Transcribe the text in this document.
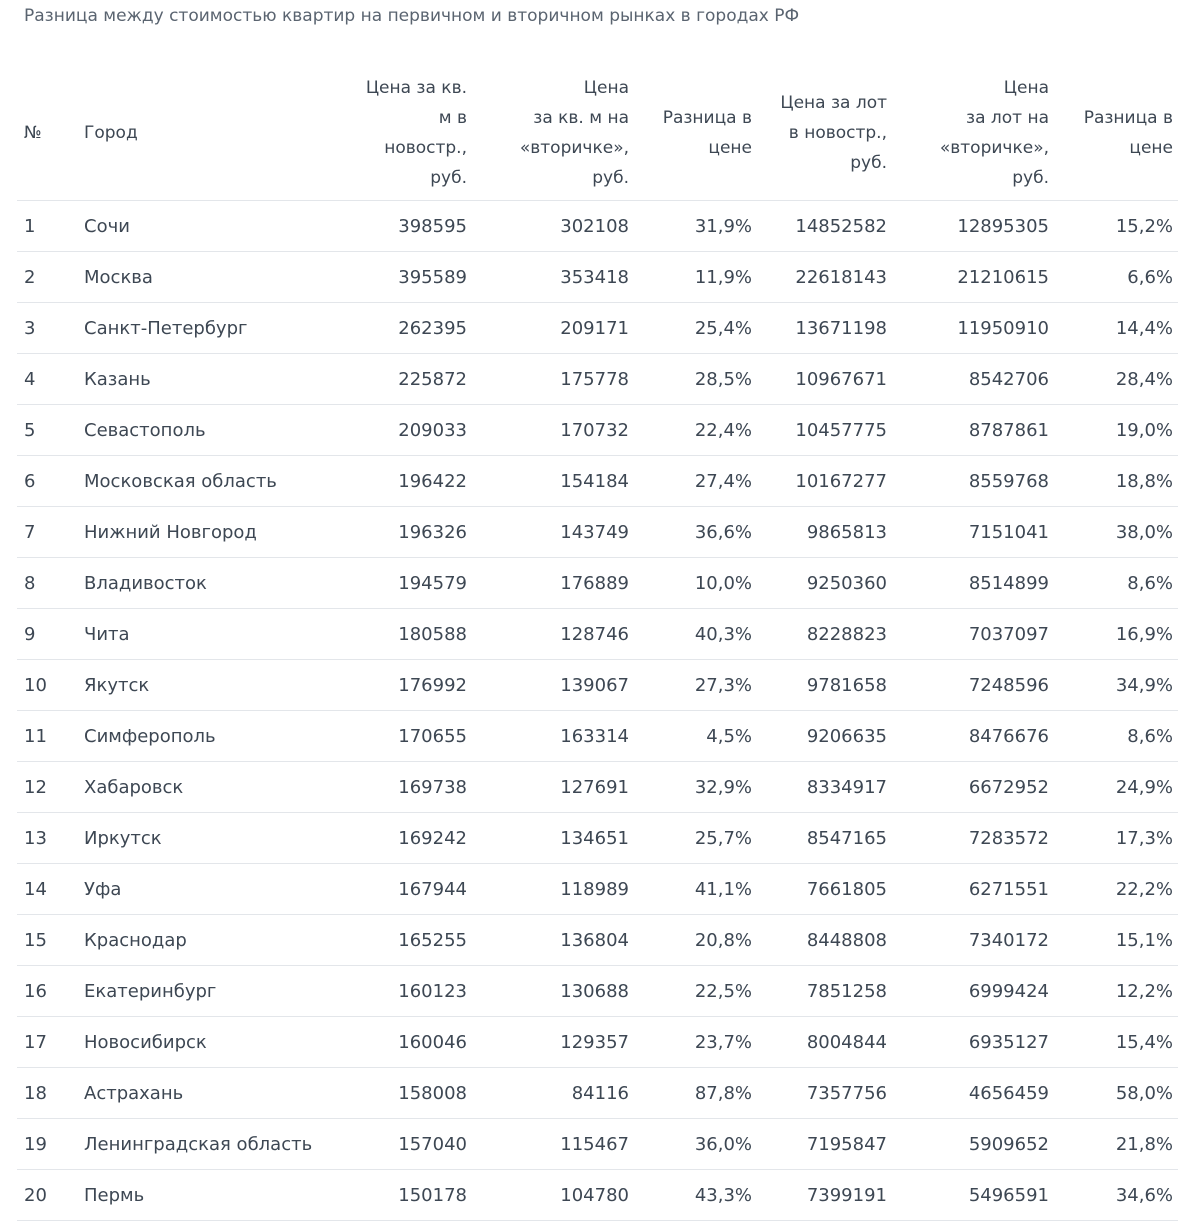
Разница между стоимостью квартир на первичном и вторичном рынках в городах РФ
№	Город	Цена за кв.
м в
новостр.,
руб.	Цена
за кв. м на
«вторичке»,
руб.	Разница в
цене	Цена за лот
в новостр.,
руб.	Цена
за лот на
«вторичке»,
руб.	Разница в
цене
1	Сочи	398595	302108	31,9%	14852582	12895305	15,2%
2	Москва	395589	353418	11,9%	22618143	21210615	6,6%
3	Санкт-Петербург	262395	209171	25,4%	13671198	11950910	14,4%
4	Казань	225872	175778	28,5%	10967671	8542706	28,4%
5	Севастополь	209033	170732	22,4%	10457775	8787861	19,0%
6	Московская область	196422	154184	27,4%	10167277	8559768	18,8%
7	Нижний Новгород	196326	143749	36,6%	9865813	7151041	38,0%
8	Владивосток	194579	176889	10,0%	9250360	8514899	8,6%
9	Чита	180588	128746	40,3%	8228823	7037097	16,9%
10	Якутск	176992	139067	27,3%	9781658	7248596	34,9%
11	Симферополь	170655	163314	4,5%	9206635	8476676	8,6%
12	Хабаровск	169738	127691	32,9%	8334917	6672952	24,9%
13	Иркутск	169242	134651	25,7%	8547165	7283572	17,3%
14	Уфа	167944	118989	41,1%	7661805	6271551	22,2%
15	Краснодар	165255	136804	20,8%	8448808	7340172	15,1%
16	Екатеринбург	160123	130688	22,5%	7851258	6999424	12,2%
17	Новосибирск	160046	129357	23,7%	8004844	6935127	15,4%
18	Астрахань	158008	84116	87,8%	7357756	4656459	58,0%
19	Ленинградская область	157040	115467	36,0%	7195847	5909652	21,8%
20	Пермь	150178	104780	43,3%	7399191	5496591	34,6%
